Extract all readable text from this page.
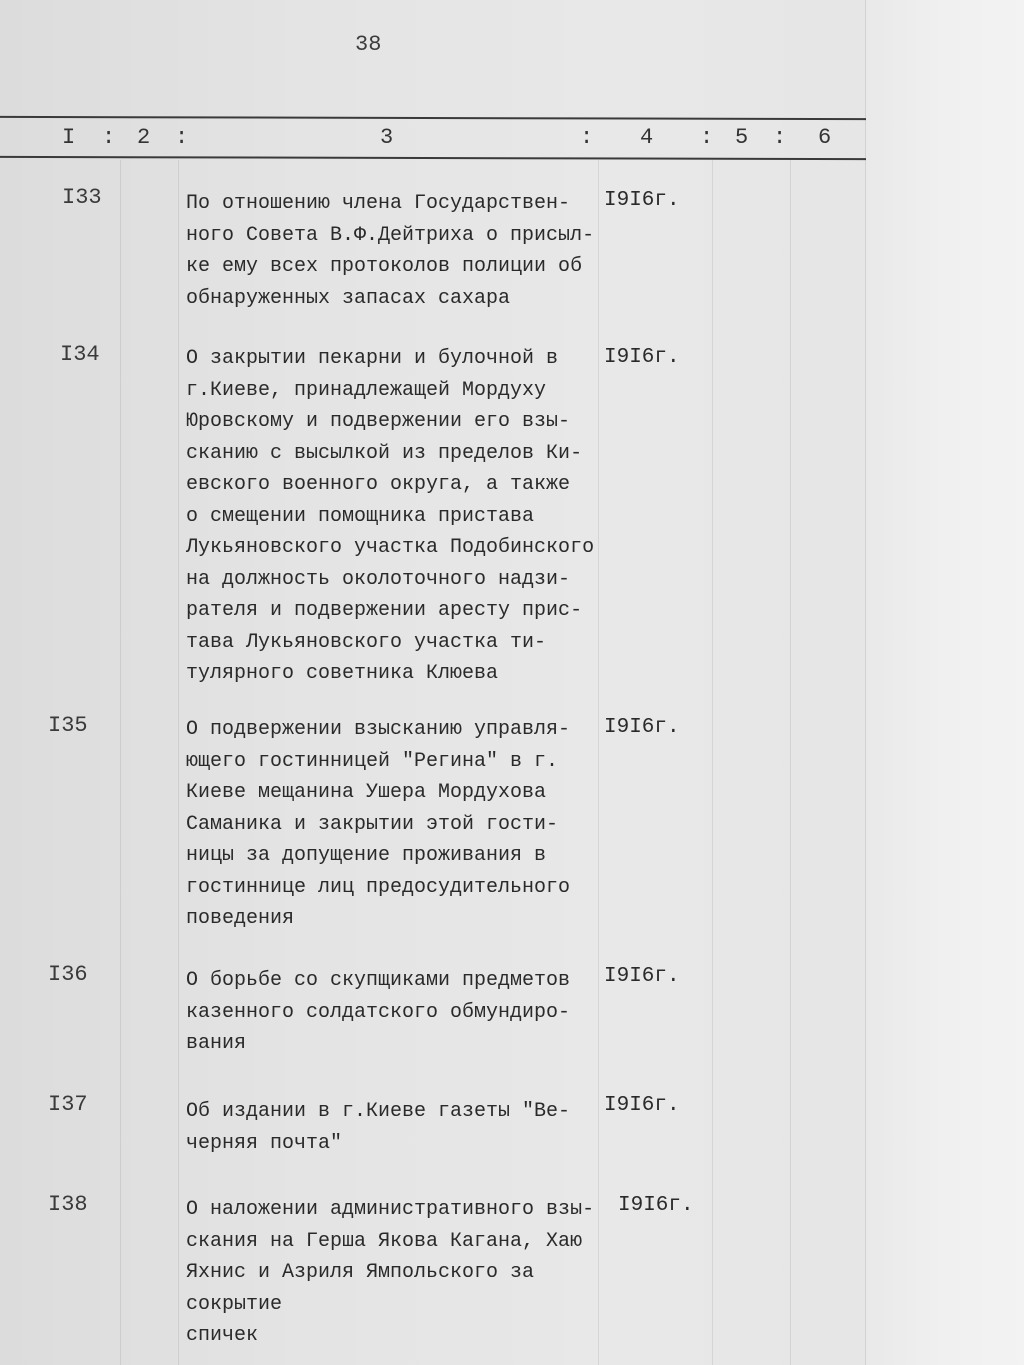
38
I : 2 :	3	: 4 : 5 : 6
I33	По отношению члена Государствен-
ного Совета В.Ф.Дейтриха о присыл-
ке ему всех протоколов полиции об
обнаруженных запасах сахара
I9I6г.
I34	О закрытии пекарни и булочной в
г.Киеве, принадлежащей Мордуху
Юровскому и подвержении его взы-
сканию с высылкой из пределов Ки-
евского военного округа, а также
о смещении помощника пристава
Лукьяновского участка Подобинского
на должность околоточного надзи-
рателя и подвержении аресту прис-
тава Лукьяновского участка ти-
тулярного советника Клюева
I9I6г.
I35	О подвержении взысканию управля-
ющего гостинницей "Регина" в г.
Киеве мещанина Ушера Мордухова
Саманика и закрытии этой гости-
ницы за допущение проживания в
гостиннице лиц предосудительного
поведения
I9I6г.
I36	О борьбе со скупщиками предметов
казенного солдатского обмундиро-
вания
I9I6г.
I37	Об издании в г.Киеве газеты "Ве-
черняя почта"
I9I6г.
I38	О наложении административного взы-
скания на Герша Якова Кагана, Хаю
Яхнис и Азриля Ямпольского за сокрытие
спичек
I9I6г.
